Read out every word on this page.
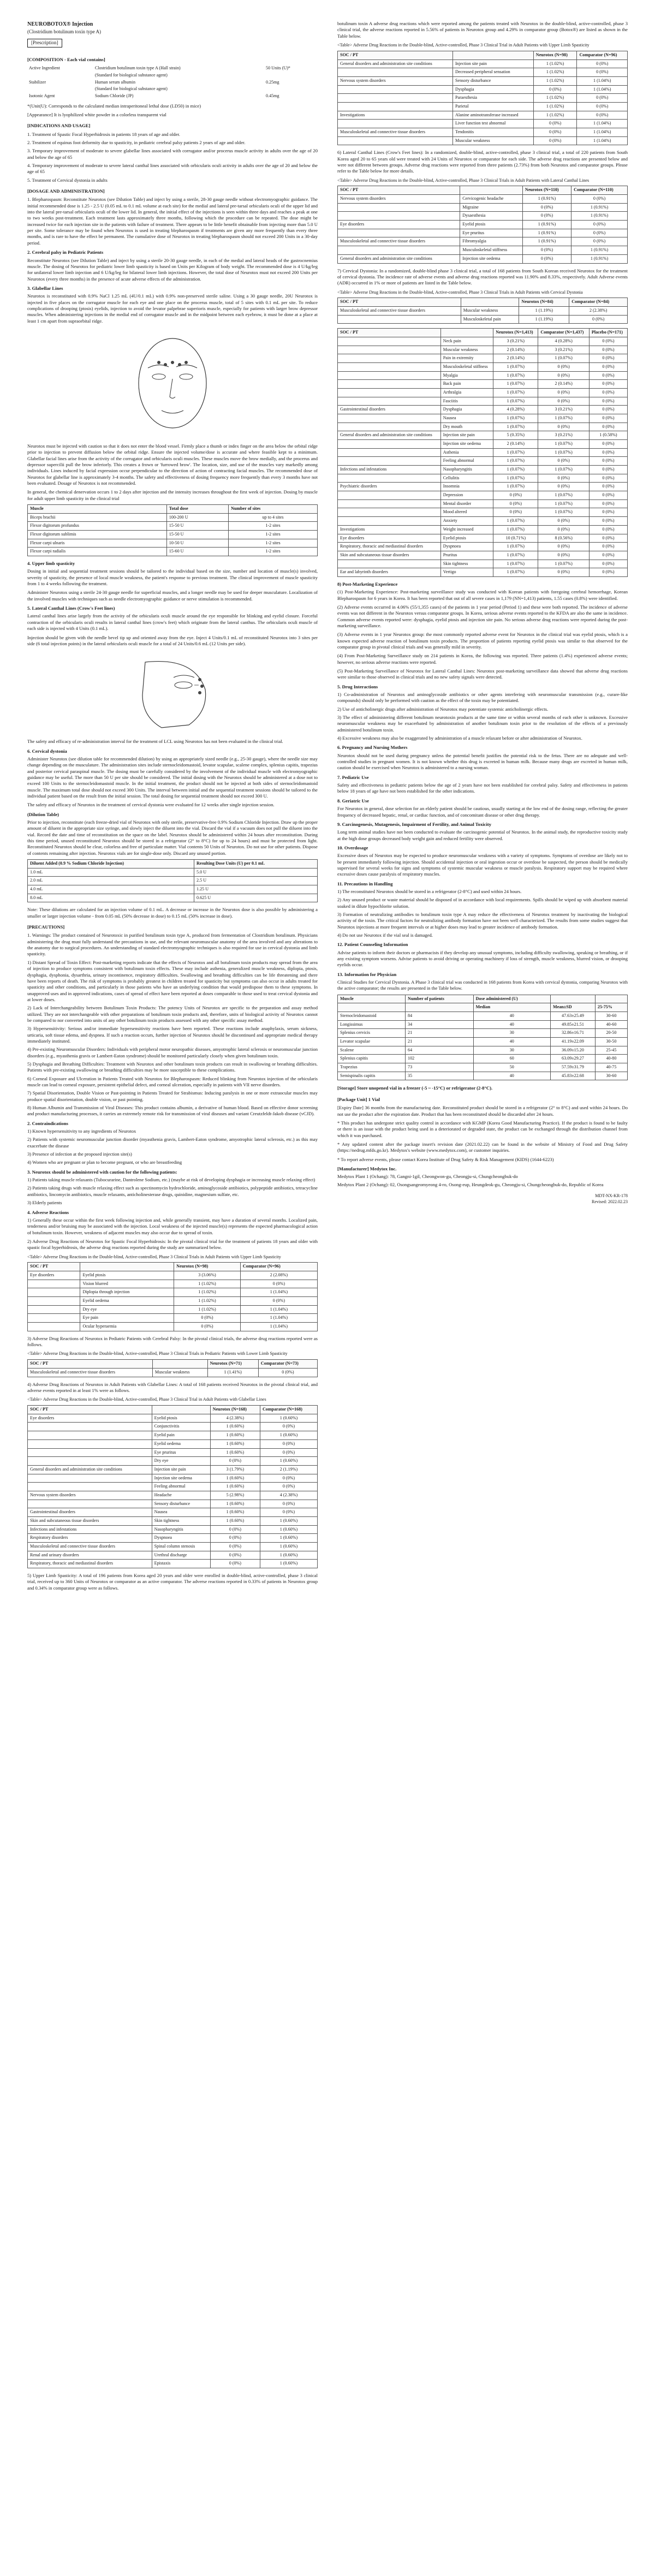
NEUROBOTOX® Injection
(Clostridium botulinum toxin type A)
[Prescription]
[COMPOSITION - Each vial contains]
Active Ingredient	Clostridium botulinum toxin type A (Hall strain)	50 Units (U)*
	(Standard for biological substance agent)	
Stabilizer	Human serum albumin	0.25mg
	(Standard for biological substance agent)	
Isotonic Agent	Sodium Chloride (JP)	0.45mg

*(Unit(U): Corresponds to the calculated median intraperitoneal lethal dose (LD50) in mice)

[Appearance] It is lyophilized white powder in a colorless transparent vial

[INDICATIONS AND USAGE]

1. Treatment of Spastic Focal Hyperhidrosis in patients 18 years of age and older.

2. Treatment of equinus foot deformity due to spasticity, in pediatric cerebral palsy patients 2 years of age and older.

3. Temporary improvement of moderate to severe glabellar lines associated with corrugator and/or procerus muscle activity in adults over the age of 20 and below the age of 65

4. Temporary improvement of moderate to severe lateral canthal lines associated with orbicularis oculi activity in adults over the age of 20 and below the age of 65

5. Treatment of Cervical dystonia in adults

[DOSAGE AND ADMINISTRATION]

1. Blepharospasm: Reconstitute Neurotox (see Dilution Table) and inject by using a sterile, 28-30 gauge needle without electromyographic guidance. The initial recommended dose is 1.25 - 2.5 U (0.05 mL to 0.1 mL volume at each site) for the medial and lateral pre-tarsal orbicularis oculi of the upper lid and into the lateral pre-tarsal orbicularis oculi of the lower lid. In general, the initial effect of the injections is seen within three days and reaches a peak at one to two weeks post-treatment. Each treatment lasts approximately three months, following which the procedure can be repeated. The dose might be increased twice for each injection site in the patients with failure of treatment. There appears to be little benefit obtainable from injecting more than 5.0 U per site. Some tolerance may be found when Neurotox is used in treating blepharospasm if treatments are given any more frequently than every three months, and is rare to have the effect be permanent. The cumulative dose of Neurotox in treating blepharospasm should not exceed 200 Units in a 30-day period.

2. Cerebral palsy in Pediatric Patients

Reconstitute Neurotox (see Dilution Table) and inject by using a sterile 20-30 gauge needle, in each of the medial and lateral heads of the gastrocnemius muscle. The dosing of Neurotox for pediatric lower limb spasticity is based on Units per Kilogram of body weight. The recommended dose is 4 U/kg/leg for unilateral lower limb injection and 6 U/kg/leg for bilateral lower limb injections. However, the total dose of Neurotox must not exceed 200 Units per Neurotox (every three months) in the presence of acute adverse effects of the administration.

3. Glabellar Lines

Neurotox is reconstituted with 0.9% NaCl 1.25 mL (4U/0.1 mL) with 0.9% non-preserved sterile saline. Using a 30 gauge needle, 20U Neurotox is injected in five places on the corrugator muscle for each eye and one place on the procerus muscle, total of 5 sites with 0.1 mL per site. To reduce complications of drooping (ptosis) eyelids, injection to avoid the levator palpebrae superioris muscle, especially for patients with larger brow depressor muscles. When administering injections in the medial end of corrugator muscle and in the midpoint between each eyebrow, it must be done at a place at least 1 cm apart from supraorbital ridge.

Neurotox must be injected with caution so that it does not enter the blood vessel. Firmly place a thumb or index finger on the area below the orbital ridge prior to injection to prevent diffusion below the orbital ridge. Ensure the injected volume/dose is accurate and where feasible kept to a minimum. Glabellar facial lines arise from the activity of the corrugator and orbicularis oculi muscles. These muscles move the brow medially, and the procerus and depressor supercilii pull the brow inferiorly. This creates a frown or 'furrowed brow'. The location, size, and use of the muscles vary markedly among individuals. Lines induced by facial expression occur perpendicular to the direction of action of contracting facial muscles. The recommended dose of Neurotox for glabellar line is approximately 3-4 months. The safety and effectiveness of dosing frequency more frequently than every 3 months have not been evaluated. Dosage of Neurotox is not recommended.

In general, the chemical denervation occurs 1 to 2 days after injection and the intensity increases throughout the first week of injection. Dosing by muscle for adult upper limb spasticity in the clinical trial

Muscle	Total dose	Number of sites
Biceps brachii	100-200 U	up to 4 sites
Flexor digitorum profundus	15-50 U	1-2 sites
Flexor digitorum sublimis	15-50 U	1-2 sites
Flexor carpi ulnaris	10-50 U	1-2 sites
Flexor carpi radialis	15-60 U	1-2 sites
4. Upper limb spasticity

Dosing in initial and sequential treatment sessions should be tailored to the individual based on the size, number and location of muscle(s) involved, severity of spasticity, the presence of local muscle weakness, the patient's response to previous treatment. The clinical improvement of muscle spasticity from 1 to 4 weeks following the treatment.

Administer Neurotox using a sterile 24-30 gauge needle for superficial muscles, and a longer needle may be used for deeper musculature. Localization of the involved muscles with techniques such as needle electromyographic guidance or nerve stimulation is recommended.

5. Lateral Canthal Lines (Crow's Feet lines)

Lateral canthal lines arise largely from the activity of the orbicularis oculi muscle around the eye responsible for blinking and eyelid closure. Forceful contraction of the orbicularis oculi results in lateral canthal lines (crow's feet) which originate from the lateral canthus. The orbicularis oculi muscle of each side is injected with 4 Units (0.1 mL).

Injection should be given with the needle bevel tip up and oriented away from the eye. Inject 4 Units/0.1 mL of reconstituted Neurotox into 3 sites per side (6 total injection points) in the lateral orbicularis oculi muscle for a total of 24 Units/0.6 mL (12 Units per side).

The safety and efficacy of re-administration interval for the treatment of LCL using Neurotox has not been evaluated in the clinical trial.

6. Cervical dystonia

Administer Neurotox (see dilution table for recommended dilution) by using an appropriately sized needle (e.g., 25-30 gauge), where the needle size may change depending on the musculature. The administration sites include sternocleidomastoid, levator scapulae, scalene complex, splenius capitis, trapezius and posterior cervical paraspinal muscle. The dosing must be carefully considered by the involvement of the individual muscle with electromyographic guidance may be useful. The more than 50 U per site should be considered. The initial dosing with the Neurotox should be administered at a dose not to exceed 100 Units to the sternocleidomastoid muscle. In the initial treatment, the product should not be injected at both sides of sternocleidomastoid muscle. The maximum total dose should not exceed 300 Units. The interval between initial and the sequential treatment sessions should be tailored to the individual patient based on the result from the initial session. The total dosing for sequential treatment should not exceed 300 U.

The safety and efficacy of Neurotox in the treatment of cervical dystonia were evaluated for 12 weeks after single injection session.

(Dilution Table)

Prior to injection, reconstitute (each freeze-dried vial of Neurotox with only sterile, preservative-free 0.9% Sodium Chloride Injection. Draw up the proper amount of diluent in the appropriate size syringe, and slowly inject the diluent into the vial. Discard the vial if a vacuum does not pull the diluent into the vial. Record the date and time of reconstitution on the space on the label. Neurotox should be administered within 24 hours after reconstitution. During this time period, unused reconstituted Neurotox should be stored in a refrigerator (2° to 8°C) for up to 24 hours) and must be protected from light. Reconstituted Neurotox should be clear, colorless and free of particulate matter. Vial contents 50 Units of Neurotox. Do not use for other patients. Dispose of contents remaining after injection. Neurotox vials are for single-dose only. Discard any unused portion.

Diluent Added (0.9 % Sodium Chloride Injection)	Resulting Dose Units (U) per 0.1 mL
1.0 mL	5.0 U
2.0 mL	2.5 U
4.0 mL	1.25 U
8.0 mL	0.625 U

Note: These dilutions are calculated for an injection volume of 0.1 mL. A decrease or increase in the Neurotox dose is also possible by administering a smaller or larger injection volume - from 0.05 mL (50% decrease in dose) to 0.15 mL (50% increase in dose).

[PRECAUTIONS]

1. Warnings: The product contained of Neurotoxic in purified botulinum toxin type A, produced from fermentation of Clostridium botulinum. Physicians administering the drug must fully understand the precautions in use, and the relevant neuromuscular anatomy of the area involved and any alterations to the anatomy due to surgical procedures. An understanding of standard electromyographic techniques is also required for use in cervical dystonia and limb spasticity.

1) Distant Spread of Toxin Effect: Post-marketing reports indicate that the effects of Neurotox and all botulinum toxin products may spread from the area of injection to produce symptoms consistent with botulinum toxin effects. These may include asthenia, generalized muscle weakness, diplopia, ptosis, dysphagia, dysphonia, dysarthria, urinary incontinence, respiratory difficulties. Swallowing and breathing difficulties can be life threatening and there have been reports of death. The risk of symptoms is probably greatest in children treated for spasticity but symptoms can also occur in adults treated for spasticity and other conditions, and particularly in those patients who have an underlying condition that would predispose them to these symptoms. In unapproved uses and in approved indications, cases of spread of effect have been reported at doses comparable to those used to treat cervical dystonia and at lower doses.

2) Lack of Interchangeability between Botulinum Toxin Products: The potency Units of Neurotox are specific to the preparation and assay method utilized. They are not interchangeable with other preparations of botulinum toxin products and, therefore, units of biological activity of Neurotox cannot be compared to nor converted into units of any other botulinum toxin products assessed with any other specific assay method.

3) Hypersensitivity: Serious and/or immediate hypersensitivity reactions have been reported. These reactions include anaphylaxis, serum sickness, urticaria, soft tissue edema, and dyspnea. If such a reaction occurs, further injection of Neurotox should be discontinued and appropriate medical therapy immediately instituted.

4) Pre-existing Neuromuscular Disorders: Individuals with peripheral motor neuropathic diseases, amyotrophic lateral sclerosis or neuromuscular junction disorders (e.g., myasthenia gravis or Lambert-Eaton syndrome) should be monitored particularly closely when given botulinum toxin.

5) Dysphagia and Breathing Difficulties: Treatment with Neurotox and other botulinum toxin products can result in swallowing or breathing difficulties. Patients with pre-existing swallowing or breathing difficulties may be more susceptible to these complications.

6) Corneal Exposure and Ulceration in Patients Treated with Neurotox for Blepharospasm: Reduced blinking from Neurotox injection of the orbicularis muscle can lead to corneal exposure, persistent epithelial defect, and corneal ulceration, especially in patients with VII nerve disorders.

7) Spatial Disorientation, Double Vision or Past-pointing in Patients Treated for Strabismus: Inducing paralysis in one or more extraocular muscles may produce spatial disorientation, double vision, or past pointing.

8) Human Albumin and Transmission of Viral Diseases: This product contains albumin, a derivative of human blood. Based on effective donor screening and product manufacturing processes, it carries an extremely remote risk for transmission of viral diseases and variant Creutzfeldt-Jakob disease (vCJD).

2. Contraindications

1) Known hypersensitivity to any ingredients of Neurotox

2) Patients with systemic neuromuscular junction disorder (myasthenia gravis, Lambert-Eaton syndrome, amyotrophic lateral sclerosis, etc.) as this may exacerbate the disease

3) Presence of infection at the proposed injection site(s)

4) Women who are pregnant or plan to become pregnant, or who are breastfeeding

3. Neurotox should be administered with caution for the following patients:

1) Patients taking muscle relaxants (Tubocurarine, Dantrolene Sodium, etc.) (maybe at risk of developing dysphagia or increasing muscle relaxing effect)

2) Patients taking drugs with muscle relaxing effect such as spectinomycin hydrochloride, aminoglycoside antibiotics, polypeptide antibiotics, tetracycline antibiotics, lincomycin antibiotics, muscle relaxants, anticholinesterase drugs, quinidine, magnesium sulfate, etc.

3) Elderly patients

4. Adverse Reactions

1) Generally these occur within the first week following injection and, while generally transient, may have a duration of several months. Localized pain, tenderness and/or bruising may be associated with the injection. Local weakness of the injected muscle(s) represents the expected pharmacological action of botulinum toxin. However, weakness of adjacent muscles may also occur due to spread of toxin.

2) Adverse Drug Reactions of Neurotox for Spastic Focal Hyperhidrosis: In the pivotal clinical trial for the treatment of patients 18 years and older with spastic focal hyperhidrosis, the adverse drug reactions reported during the study are summarized below.

<Table> Adverse Drug Reactions in the Double-blind, Active-controlled, Phase 3 Clinical Trials in Adult Patients with Upper Limb Spasticity
SOC / PT		Neurotox (N=98)	Comparator (N=96)
Eye disorders	Eyelid ptosis	3 (3.06%)	2 (2.08%)
	Vision blurred	1 (1.02%)	0 (0%)
	Diplopia through injection	1 (1.02%)	1 (1.04%)
	Eyelid oedema	1 (1.02%)	0 (0%)
	Dry eye	1 (1.02%)	1 (1.04%)
	Eye pain	0 (0%)	1 (1.04%)
	Ocular hyperaemia	0 (0%)	1 (1.04%)

3) Adverse Drug Reactions of Neurotox in Pediatric Patients with Cerebral Palsy: In the pivotal clinical trials, the adverse drug reactions reported were as follows.

<Table> Adverse Drug Reactions in the Double-blind, Active-controlled, Phase 3 Clinical Trials in Pediatric Patients with Lower Limb Spasticity
SOC / PT		Neurotox (N=71)	Comparator (N=73)
Musculoskeletal and connective tissue disorders	Muscular weakness	1 (1.41%)	0 (0%)

4) Adverse Drug Reactions of Neurotox in Adult Patients with Glabellar Lines: A total of 168 patients received Neurotox in the pivotal clinical trial, and adverse events reported in at least 1% were as follows.

<Table> Adverse Drug Reactions in the Double-blind, Active-controlled, Phase 3 Clinical Trial in Adult Patients with Glabellar Lines
SOC / PT		Neurotox (N=168)	Comparator (N=168)
Eye disorders	Eyelid ptosis	4 (2.38%)	1 (0.60%)
	Conjunctivitis	1 (0.60%)	0 (0%)
	Eyelid pain	1 (0.60%)	1 (0.60%)
	Eyelid oedema	1 (0.60%)	0 (0%)
	Eye pruritus	1 (0.60%)	0 (0%)
	Dry eye	0 (0%)	1 (0.60%)
General disorders and administration site conditions	Injection site pain	3 (1.79%)	2 (1.19%)
	Injection site oedema	1 (0.60%)	0 (0%)
	Feeling abnormal	1 (0.60%)	0 (0%)
Nervous system disorders	Headache	5 (2.98%)	4 (2.38%)
	Sensory disturbance	1 (0.60%)	0 (0%)
Gastrointestinal disorders	Nausea	1 (0.60%)	0 (0%)
Skin and subcutaneous tissue disorders	Skin tightness	1 (0.60%)	1 (0.60%)
Infections and infestations	Nasopharyngitis	0 (0%)	1 (0.60%)
Respiratory disorders	Dyspnoea	0 (0%)	1 (0.60%)
Musculoskeletal and connective tissue disorders	Spinal column stenosis	0 (0%)	1 (0.60%)
Renal and urinary disorders	Urethral discharge	0 (0%)	1 (0.60%)
Respiratory, thoracic and mediastinal disorders	Epistaxis	0 (0%)	1 (0.60%)

5) Upper Limb Spasticity: A total of 196 patients from Korea aged 20 years and older were enrolled in double-blind, active-controlled, phase 3 clinical trial, received up to 360 Units of Neurotox or comparator as an active comparator. The adverse reactions reported in 0.33% of patients in Neurotox group and 0.34% in comparator group were as follows.

botulinum toxin A adverse drug reactions which were reported among the patients treated with Neurotox in the double-blind, active-controlled, phase 3 clinical trial, the adverse reactions reported in 5.56% of patients in Neurotox group and 4.29% in comparator group (Botox®) are listed as shown in the Table below.

<Table> Adverse Drug Reactions in the Double-blind, Active-controlled, Phase 3 Clinical Trial in Adult Patients with Upper Limb Spasticity
SOC / PT		Neurotox (N=98)	Comparator (N=96)
General disorders and administration site conditions	Injection site pain	1 (1.02%)	0 (0%)
	Decreased peripheral sensation	1 (1.02%)	0 (0%)
Nervous system disorders	Sensory disturbance	1 (1.02%)	1 (1.04%)
	Dysphagia	0 (0%)	1 (1.04%)
	Paraesthesia	1 (1.02%)	0 (0%)
	Parietal	1 (1.02%)	0 (0%)
Investigations	Alanine aminotransferase increased	1 (1.02%)	0 (0%)
	Liver function test abnormal	0 (0%)	1 (1.04%)
Musculoskeletal and connective tissue disorders	Tendonitis	0 (0%)	1 (1.04%)
	Muscular weakness	0 (0%)	1 (1.04%)

6) Lateral Canthal Lines (Crow's Feet lines): In a randomized, double-blind, active-controlled, phase 3 clinical trial, a total of 220 patients from South Korea aged 20 to 65 years old were treated with 24 Units of Neurotox or comparator for each side. The adverse drug reactions are presented below and were not different between groups. Adverse drug reactions were reported from three patients (2.73%) from both Neurotox and comparator groups. Please refer to the Table below for more details.

<Table> Adverse Drug Reactions in the Double-blind, Active-controlled, Phase 3 Clinical Trials in Adult Patients with Lateral Canthal Lines
SOC / PT		Neurotox (N=110)	Comparator (N=110)
Nervous system disorders	Cervicogenic headache	1 (0.91%)	0 (0%)
	Migraine	0 (0%)	1 (0.91%)
	Dysaesthesia	0 (0%)	1 (0.91%)
Eye disorders	Eyelid ptosis	1 (0.91%)	0 (0%)
	Eye pruritus	1 (0.91%)	0 (0%)
Musculoskeletal and connective tissue disorders	Fibromyalgia	1 (0.91%)	0 (0%)
	Musculoskeletal stiffness	0 (0%)	1 (0.91%)
General disorders and administration site conditions	Injection site oedema	0 (0%)	1 (0.91%)

7) Cervical Dystonia: In a randomized, double-blind phase 3 clinical trial, a total of 168 patients from South Korean received Neurotox for the treatment of cervical dystonia. The incidence rate of adverse events and adverse drug reactions reported was 11.90% and 8.33%, respectively. Adult Adverse events (ADR) occurred in 1% or more of patients are listed in the Table below.

<Table> Adverse Drug Reactions in the Double-blind, Active-controlled, Phase 3 Clinical Trials in Adult Patients with Cervical Dystonia
SOC / PT		Neurotox (N=84)	Comparator (N=84)
Musculoskeletal and connective tissue disorders	Muscular weakness	1 (1.19%)	2 (2.38%)
	Musculoskeletal pain	1 (1.19%)	0 (0%)
SOC / PT		Neurotox (N=1,413)	Comparator (N=1,437)	Placebo (N=171)
	Neck pain	3 (0.21%)	4 (0.28%)	0 (0%)
	Muscular weakness	2 (0.14%)	3 (0.21%)	0 (0%)
	Pain in extremity	2 (0.14%)	1 (0.07%)	0 (0%)
	Musculoskeletal stiffness	1 (0.07%)	0 (0%)	0 (0%)
	Myalgia	1 (0.07%)	0 (0%)	0 (0%)
	Back pain	1 (0.07%)	2 (0.14%)	0 (0%)
	Arthralgia	1 (0.07%)	0 (0%)	0 (0%)
	Fasciitis	1 (0.07%)	0 (0%)	0 (0%)
Gastrointestinal disorders	Dysphagia	4 (0.28%)	3 (0.21%)	0 (0%)
	Nausea	1 (0.07%)	1 (0.07%)	0 (0%)
	Dry mouth	1 (0.07%)	0 (0%)	0 (0%)
General disorders and administration site conditions	Injection site pain	5 (0.35%)	3 (0.21%)	1 (0.58%)
	Injection site oedema	2 (0.14%)	1 (0.07%)	0 (0%)
	Asthenia	1 (0.07%)	1 (0.07%)	0 (0%)
	Feeling abnormal	1 (0.07%)	0 (0%)	0 (0%)
Infections and infestations	Nasopharyngitis	1 (0.07%)	1 (0.07%)	0 (0%)
	Cellulitis	1 (0.07%)	0 (0%)	0 (0%)
Psychiatric disorders	Insomnia	1 (0.07%)	0 (0%)	0 (0%)
	Depression	0 (0%)	1 (0.07%)	0 (0%)
	Mental disorder	0 (0%)	1 (0.07%)	0 (0%)
	Mood altered	0 (0%)	1 (0.07%)	0 (0%)
	Anxiety	1 (0.07%)	0 (0%)	0 (0%)
Investigations	Weight increased	1 (0.07%)	0 (0%)	0 (0%)
Eye disorders	Eyelid ptosis	10 (0.71%)	8 (0.56%)	0 (0%)
Respiratory, thoracic and mediastinal disorders	Dyspnoea	1 (0.07%)	0 (0%)	0 (0%)
Skin and subcutaneous tissue disorders	Pruritus	1 (0.07%)	0 (0%)	0 (0%)
	Skin tightness	1 (0.07%)	1 (0.07%)	0 (0%)
Ear and labyrinth disorders	Vertigo	1 (0.07%)	0 (0%)	0 (0%)
8) Post-Marketing Experience

(1) Post-Marketing Experience: Post-marketing surveillance study was conducted with Korean patients with foregoing cerebral hemorrhage, Korean Blepharospasm for 6 years in Korea. It has been reported that out of all severe cases in 1,179 (NN=1,413) patients, 1.55 cases (0.8%) were identified.

(2) Adverse events occurred in 4.06% (55/1,355 cases) of the patients in 1 year period (Period 1) and these were both reported. The incidence of adverse events was not different in the Neurotox versus comparator groups. In Korea, serious adverse events reported to the KFDA are also the same in incidence. Common adverse events reported were: dysphagia, eyelid ptosis and injection site pain. No serious adverse drug reactions were reported during the post-marketing surveillance.

(3) Adverse events in 1 year Neurotox group: the most commonly reported adverse event for Neurotox in the clinical trial was eyelid ptosis, which is a known expected adverse reaction of botulinum toxin products. The proportion of patients reporting eyelid ptosis was similar to that observed for the comparator group in pivotal clinical trials and was generally mild in severity.

(4) From Post-Marketing Surveillance study on 214 patients in Korea, the following was reported. Three patients (1.4%) experienced adverse events; however, no serious adverse reactions were reported.

(5) Post-Marketing Surveillance of Neurotox for Lateral Canthal Lines: Neurotox post-marketing surveillance data showed that adverse drug reactions were similar to those observed in clinical trials and no new safety signals were detected.

5. Drug Interactions

1) Co-administration of Neurotox and aminoglycoside antibiotics or other agents interfering with neuromuscular transmission (e.g., curare-like compounds) should only be performed with caution as the effect of the toxin may be potentiated.

2) Use of anticholinergic drugs after administration of Neurotox may potentiate systemic anticholinergic effects.

3) The effect of administering different botulinum neurotoxin products at the same time or within several months of each other is unknown. Excessive neuromuscular weakness may be exacerbated by administration of another botulinum toxin prior to the resolution of the effects of a previously administered botulinum toxin.

4) Excessive weakness may also be exaggerated by administration of a muscle relaxant before or after administration of Neurotox.

6. Pregnancy and Nursing Mothers

Neurotox should not be used during pregnancy unless the potential benefit justifies the potential risk to the fetus. There are no adequate and well-controlled studies in pregnant women. It is not known whether this drug is excreted in human milk. Because many drugs are excreted in human milk, caution should be exercised when Neurotox is administered to a nursing woman.

7. Pediatric Use

Safety and effectiveness in pediatric patients below the age of 2 years have not been established for cerebral palsy. Safety and effectiveness in patients below 18 years of age have not been established for the other indications.

8. Geriatric Use

For Neurotox in general, dose selection for an elderly patient should be cautious, usually starting at the low end of the dosing range, reflecting the greater frequency of decreased hepatic, renal, or cardiac function, and of concomitant disease or other drug therapy.

9. Carcinogenesis, Mutagenesis, Impairment of Fertility, and Animal Toxicity

Long term animal studies have not been conducted to evaluate the carcinogenic potential of Neurotox. In the animal study, the reproductive toxicity study at the high dose groups decreased body weight gain and reduced fertility were observed.

10. Overdosage

Excessive doses of Neurotox may be expected to produce neuromuscular weakness with a variety of symptoms. Symptoms of overdose are likely not to be present immediately following injection. Should accidental injection or oral ingestion occur or overdose be suspected, the person should be medically supervised for several weeks for signs and symptoms of systemic muscular weakness or muscle paralysis. Respiratory support may be required where excessive doses cause paralysis of respiratory muscles.

11. Precautions in Handling

1) The reconstituted Neurotox should be stored in a refrigerator (2-8°C) and used within 24 hours.

2) Any unused product or waste material should be disposed of in accordance with local requirements. Spills should be wiped up with absorbent material soaked in dilute hypochlorite solution.

3) Formation of neutralizing antibodies to botulinum toxin type A may reduce the effectiveness of Neurotox treatment by inactivating the biological activity of the toxin. The critical factors for neutralizing antibody formation have not been well characterized. The results from some studies suggest that Neurotox injections at more frequent intervals or at higher doses may lead to greater incidence of antibody formation.

4) Do not use Neurotox if the vial seal is damaged.

12. Patient Counseling Information

Advise patients to inform their doctors or pharmacists if they develop any unusual symptoms, including difficulty swallowing, speaking or breathing, or if any existing symptom worsens. Advise patients to avoid driving or operating machinery if loss of strength, muscle weakness, blurred vision, or drooping eyelids occur.

13. Information for Physician

Clinical Studies for Cervical Dystonia. A Phase 3 clinical trial was conducted in 168 patients from Korea with cervical dystonia, comparing Neurotox with the active comparator; the results are presented in the Table below.

Muscle	Number of patients	Dose administered (U)		
		Median	Mean±SD	25-75%
Sternocleidomastoid	84	40	47.63±25.49	30-60
Longissimus	34	40	49.85±21.51	40-60
Splenius cervicis	21	30	32.86±16.71	20-50
Levator scapulae	21	40	41.19±22.09	30-50
Scalene	64	30	36.09±15.20	25-45
Splenius capitis	102	60	63.09±29.27	40-80
Trapezius	73	50	57.59±31.79	40-75
Semispinalis capitis	35	40	45.83±22.68	30-60

[Storage] Store unopened vial in a freezer (-5 ~ -15°C) or refrigerator (2-8°C).

[Package Unit] 1 Vial

[Expiry Date] 36 months from the manufacturing date. Reconstituted product should be stored in a refrigerator (2° to 8°C) and used within 24 hours. Do not use the product after the expiration date. Product that has been reconstituted should be discarded after 24 hours.

* This product has undergone strict quality control in accordance with KGMP (Korea Good Manufacturing Practice). If the product is found to be faulty or there is an issue with the product being used in a deteriorated or degraded state, the product can be exchanged through the distribution channel from which it was purchased.

* Any updated content after the package insert's revision date (2021.02.22) can be found in the website of Ministry of Food and Drug Safety (https://nedrug.mfds.go.kr). Medytox's website (www.medytox.com), or customer inquiries.

* To report adverse events, please contact Korea Institute of Drug Safety & Risk Management (KIDS) (1644-6223)

[Manufacturer] Medytox Inc.

Medytox Plant 1 (Ochang): 78, Gangni-1gil, Cheongwon-gu, Cheongju-si, Chungcheongbuk-do

Medytox Plant 2 (Ochang): 02, Osongsangeomyeong 4-ro, Osong-eup, Heungdeok-gu, Cheongju-si, Chungcheongbuk-do, Republic of Korea

MDT-NX-KR-178
Revised: 2022.02.23
